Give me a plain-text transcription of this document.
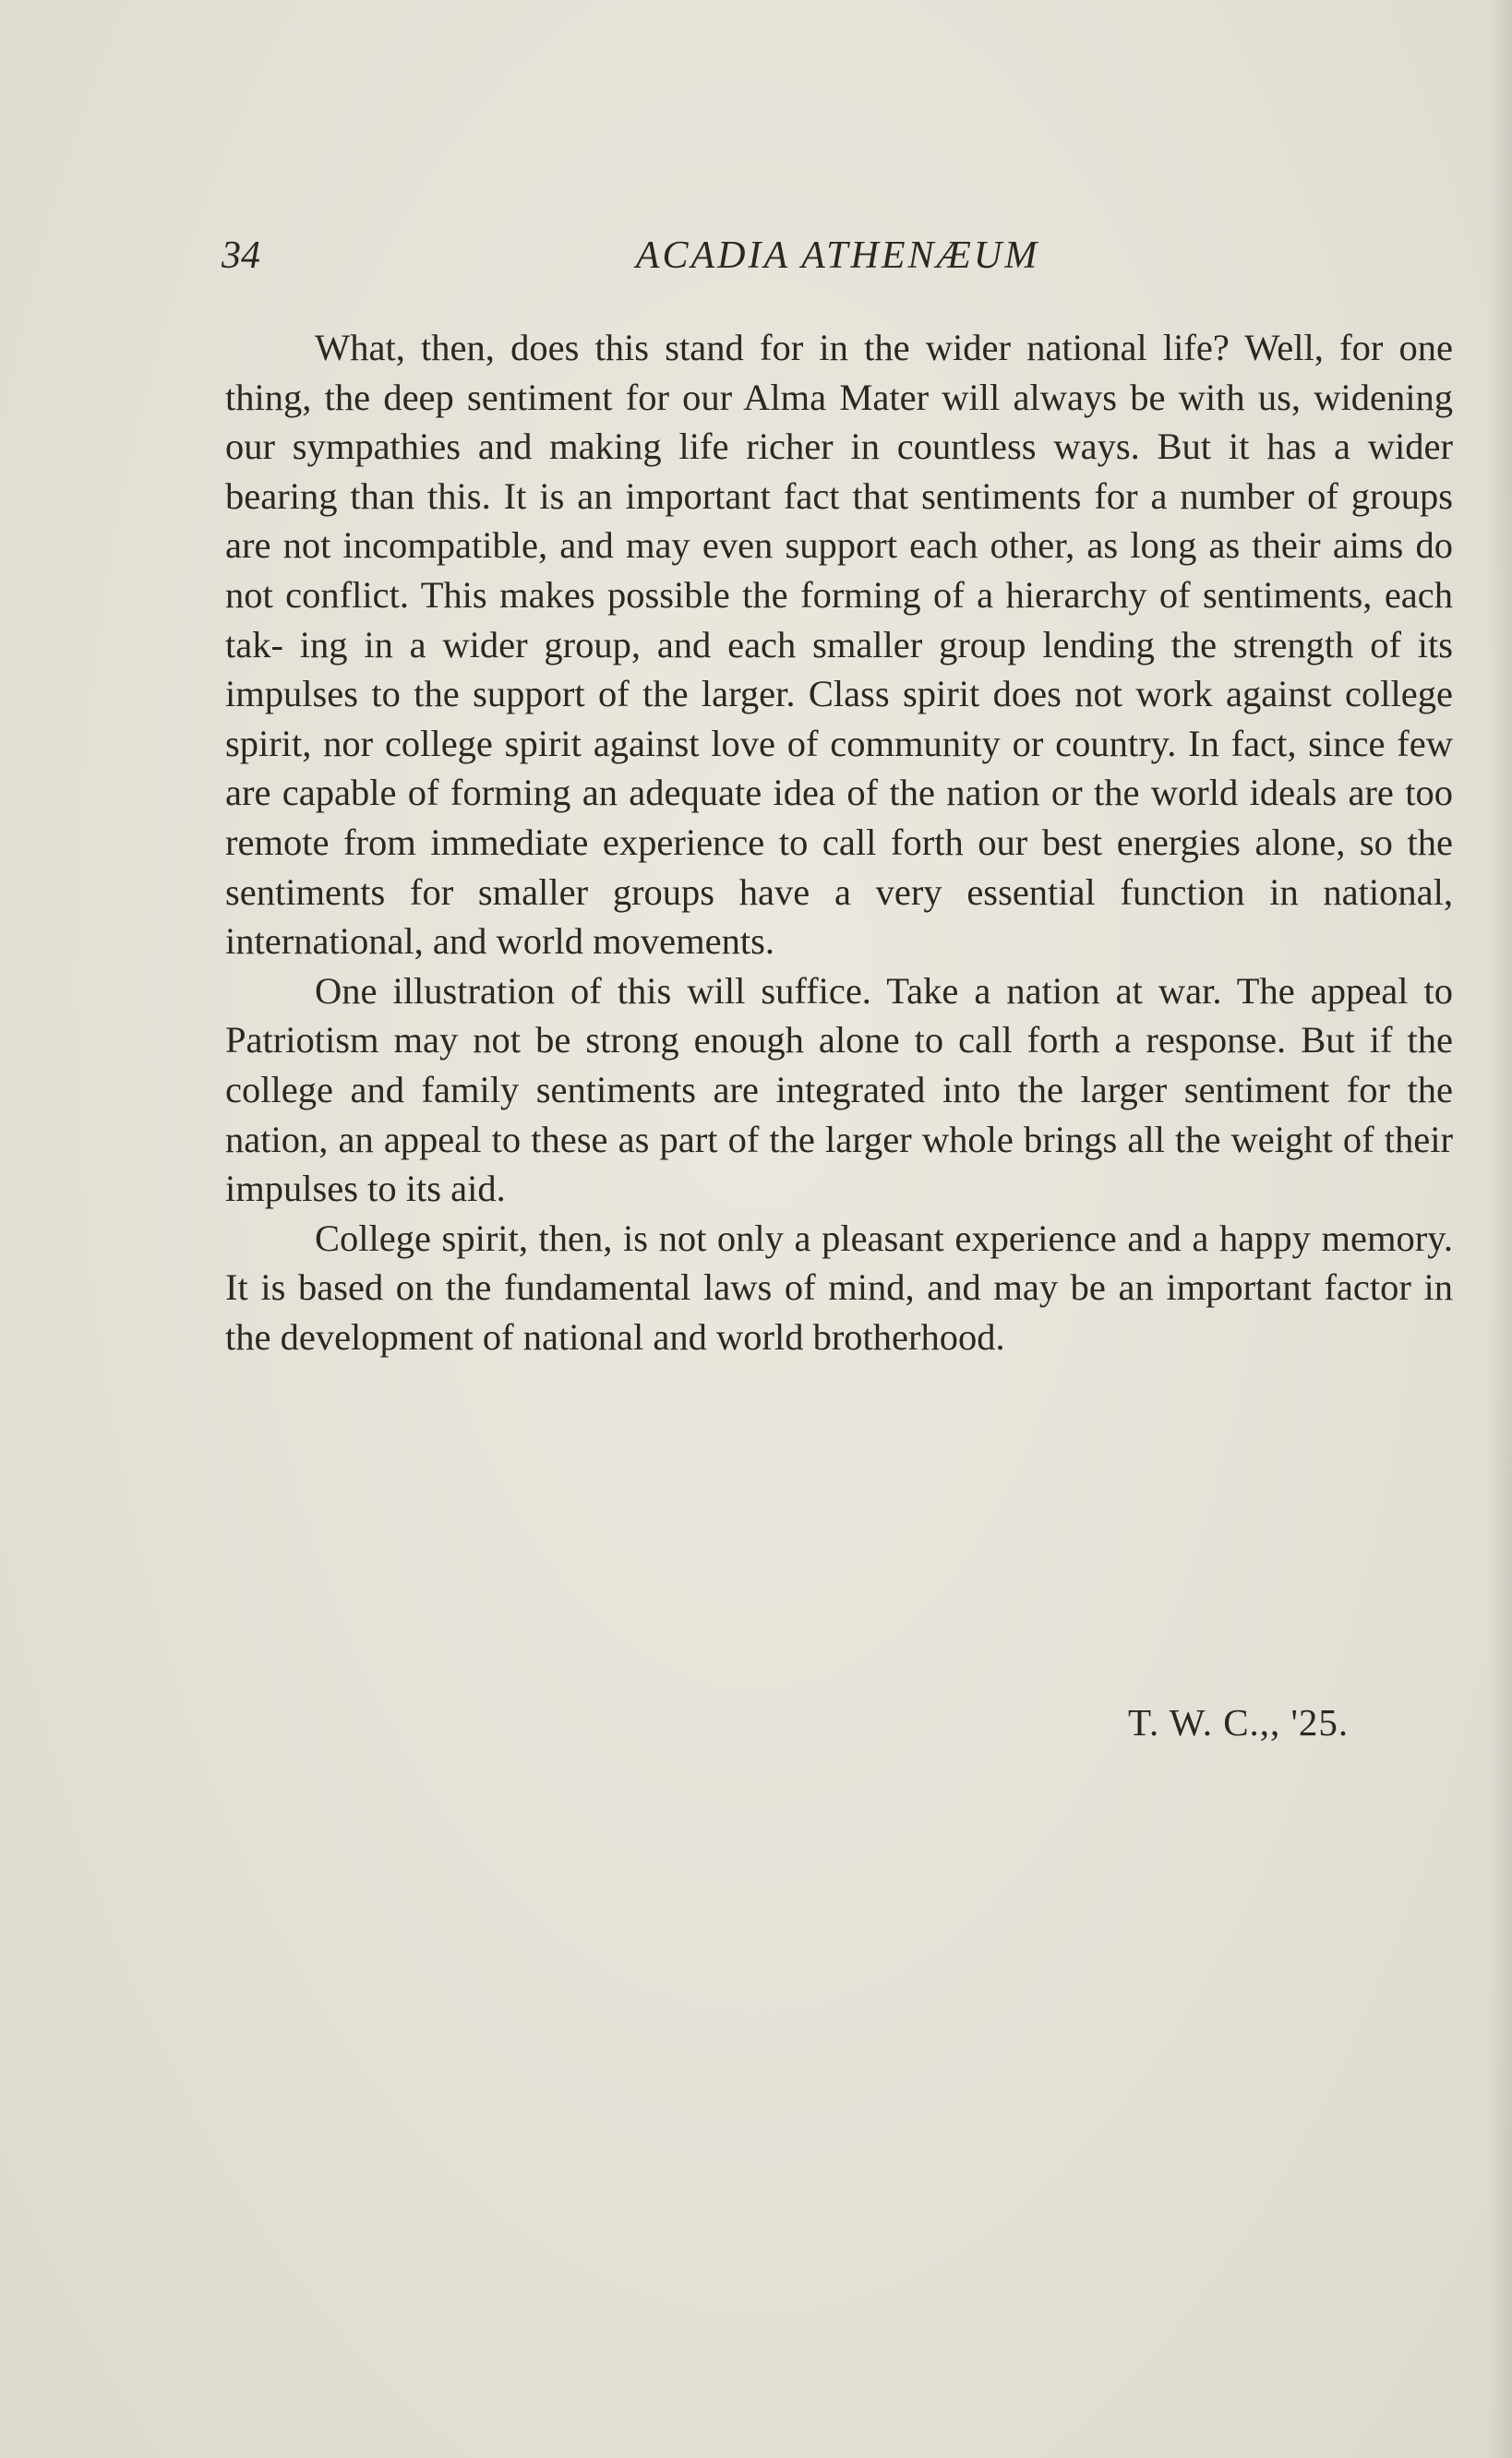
34	ACADIA ATHENÆUM

What, then, does this stand for in the wider national life? Well, for one thing, the deep sentiment for our Alma Mater will always be with us, widening our sympathies and making life richer in countless ways. But it has a wider bearing than this. It is an important fact that sentiments for a number of groups are not incompatible, and may even support each other, as long as their aims do not conflict. This makes possible the forming of a hierarchy of sentiments, each tak- ing in a wider group, and each smaller group lending the strength of its impulses to the support of the larger. Class spirit does not work against college spirit, nor college spirit against love of community or country. In fact, since few are capable of forming an adequate idea of the nation or the world ideals are too remote from immediate experience to call forth our best energies alone, so the sentiments for smaller groups have a very essential function in national, international, and world movements.

One illustration of this will suffice. Take a nation at war. The appeal to Patriotism may not be strong enough alone to call forth a response. But if the college and family sentiments are integrated into the larger sentiment for the nation, an appeal to these as part of the larger whole brings all the weight of their impulses to its aid.

College spirit, then, is not only a pleasant experience and a happy memory. It is based on the fundamental laws of mind, and may be an important factor in the development of national and world brotherhood.

T. W. C.,, '25.
